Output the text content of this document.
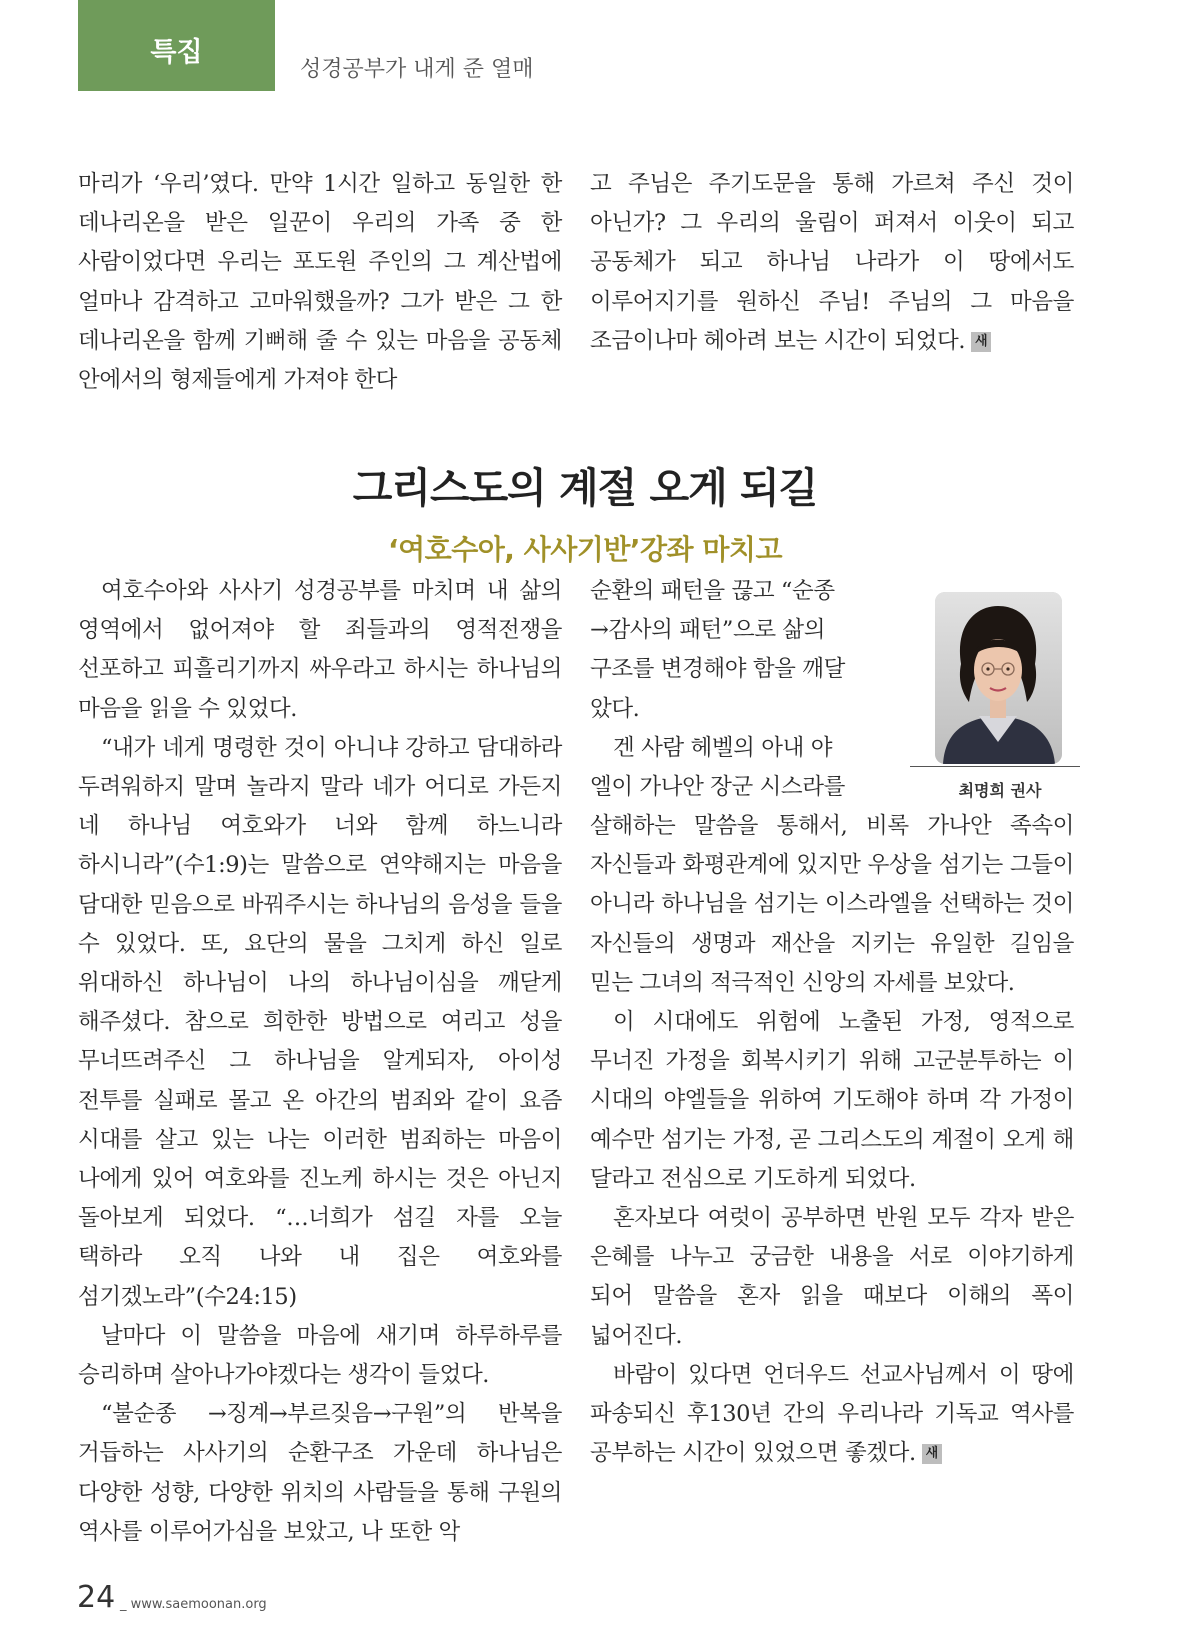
특집
성경공부가 내게 준 열매

마리가 ‘우리’였다. 만약 1시간 일하고 동일한 한 데나리온을 받은 일꾼이 우리의 가족 중 한 사람이었다면 우리는 포도원 주인의 그 계산법에 얼마나 감격하고 고마워했을까? 그가 받은 그 한 데나리온을 함께 기뻐해 줄 수 있는 마음을 공동체 안에서의 형제들에게 가져야 한다

고 주님은 주기도문을 통해 가르쳐 주신 것이 아닌가? 그 우리의 울림이 퍼져서 이웃이 되고 공동체가 되고 하나님 나라가 이 땅에서도 이루어지기를 원하신 주님! 주님의 그 마음을 조금이나마 헤아려 보는 시간이 되었다. 새

그리스도의 계절 오게 되길
‘여호수아, 사사기반’강좌 마치고

여호수아와 사사기 성경공부를 마치며 내 삶의 영역에서 없어져야 할 죄들과의 영적전쟁을 선포하고 피흘리기까지 싸우라고 하시는 하나님의 마음을 읽을 수 있었다.

“내가 네게 명령한 것이 아니냐 강하고 담대하라 두려워하지 말며 놀라지 말라 네가 어디로 가든지 네 하나님 여호와가 너와 함께 하느니라 하시니라”(수1:9)는 말씀으로 연약해지는 마음을 담대한 믿음으로 바꿔주시는 하나님의 음성을 들을 수 있었다. 또, 요단의 물을 그치게 하신 일로 위대하신 하나님이 나의 하나님이심을 깨닫게 해주셨다. 참으로 희한한 방법으로 여리고 성을 무너뜨려주신 그 하나님을 알게되자, 아이성 전투를 실패로 몰고 온 아간의 범죄와 같이 요즘 시대를 살고 있는 나는 이러한 범죄하는 마음이 나에게 있어 여호와를 진노케 하시는 것은 아닌지 돌아보게 되었다. “…너희가 섬길 자를 오늘 택하라 오직 나와 내 집은 여호와를 섬기겠노라”(수24:15)

날마다 이 말씀을 마음에 새기며 하루하루를 승리하며 살아나가야겠다는 생각이 들었다.

“불순종 →징계→부르짖음→구원”의 반복을 거듭하는 사사기의 순환구조 가운데 하나님은 다양한 성향, 다양한 위치의 사람들을 통해 구원의 역사를 이루어가심을 보았고, 나 또한 악

순환의 패턴을 끊고 “순종

→감사의 패턴”으로 삶의

구조를 변경해야 함을 깨달

았다.

겐 사람 헤벨의 아내 야

엘이 가나안 장군 시스라를	최명희 권사

살해하는 말씀을 통해서, 비록 가나안 족속이 자신들과 화평관계에 있지만 우상을 섬기는 그들이 아니라 하나님을 섬기는 이스라엘을 선택하는 것이 자신들의 생명과 재산을 지키는 유일한 길임을 믿는 그녀의 적극적인 신앙의 자세를 보았다.

이 시대에도 위험에 노출된 가정, 영적으로 무너진 가정을 회복시키기 위해 고군분투하는 이 시대의 야엘들을 위하여 기도해야 하며 각 가정이 예수만 섬기는 가정, 곧 그리스도의 계절이 오게 해 달라고 전심으로 기도하게 되었다.

혼자보다 여럿이 공부하면 반원 모두 각자 받은 은혜를 나누고 궁금한 내용을 서로 이야기하게 되어 말씀을 혼자 읽을 때보다 이해의 폭이 넓어진다.

바람이 있다면 언더우드 선교사님께서 이 땅에 파송되신 후130년 간의 우리나라 기독교 역사를 공부하는 시간이 있었으면 좋겠다. 새

24 _ www.saemoonan.org
